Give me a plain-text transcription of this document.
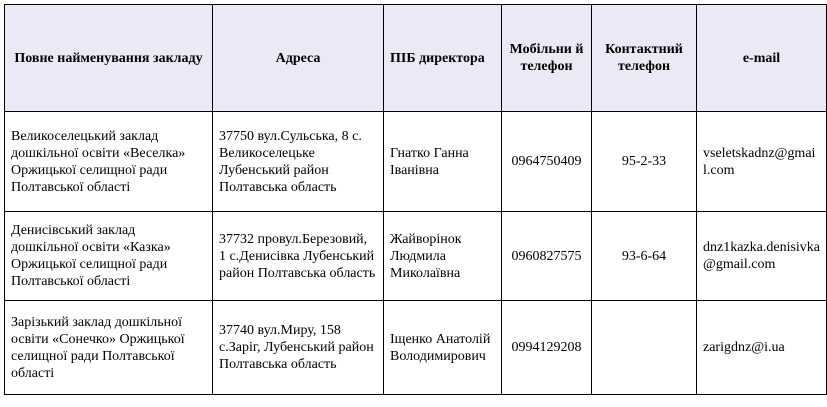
Повне найменування закладу	Адреса	ПІБ директора	Мобільни й телефон	Контактний телефон	e-mail
Великоселецький заклад дошкільної освіти «Веселка» Оржицької селищної ради Полтавської області	37750 вул.Сульська, 8 с. Великоселецьке Лубенський район Полтавська область	Гнатко Ганна Іванівна	0964750409	95-2-33	vseletskadnz@gmail.com
Денисівський заклад дошкільної освіти «Казка» Оржицької селищної ради Полтавської області	37732 провул.Березовий, 1 с.Денисівка Лубенський район Полтавська область	Жайворінок Людмила Миколаївна	0960827575	93-6-64	dnz1kazka.denisivka@gmail.com
Зарізький заклад дошкільної освіти «Сонечко» Оржицької селищної ради Полтавської області	37740 вул.Миру, 158 с.Заріг, Лубенський район Полтавська область	Іщенко Анатолій Володимирович	0994129208		zarigdnz@i.ua
